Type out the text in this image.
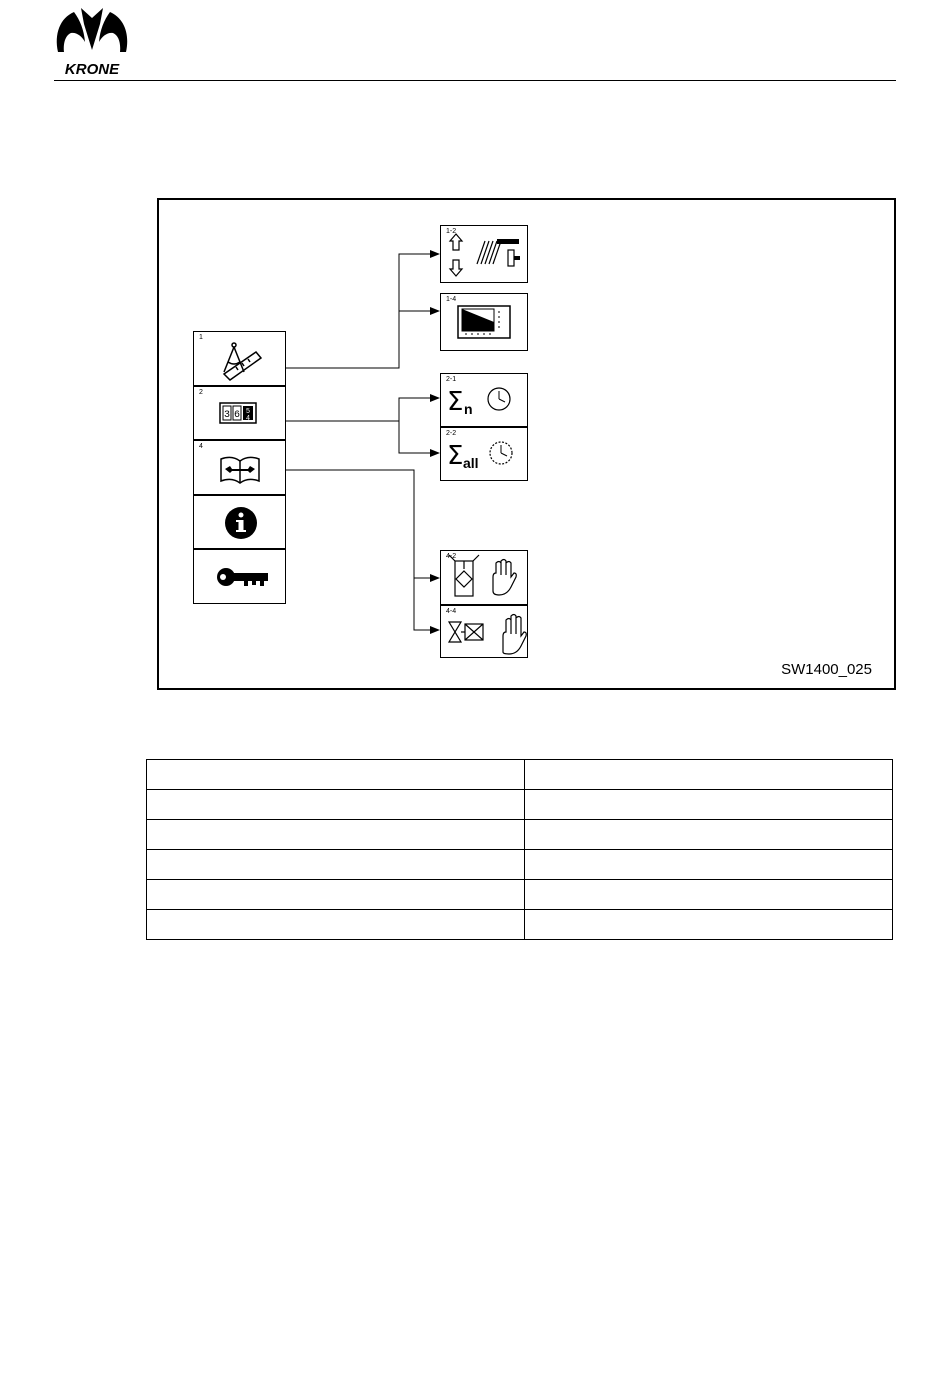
KRONE
1
2
3 6 5
4
4
1-2
1-4
2-1
Σ n
2-2
Σ all
4-2
4-4
SW1400_025
